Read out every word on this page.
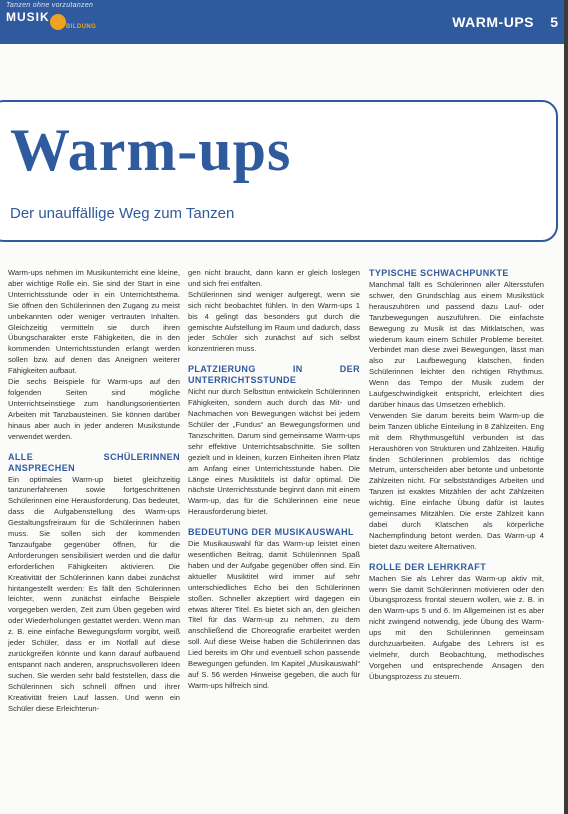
Tanzen ohne vorzutanzen
MUSIK
BILDUNG	WARM-UPS 5
Warm-ups
Der unauffällige Weg zum Tanzen

Warm-ups nehmen im Musikunterricht eine kleine, aber wichtige Rolle ein. Sie sind der Start in eine Unterrichtsstunde oder in ein Unterrichtsthema. Sie öffnen den Schülerinnen den Zugang zu meist unbekannten oder weniger vertrauten Inhalten. Gleichzeitig vermitteln sie durch ihren Übungscharakter erste Fähigkeiten, die in den kommenden Unterrichtsstunden erlangt werden sollen bzw. auf denen das Aneignen weiterer Fähigkeiten aufbaut.

Die sechs Beispiele für Warm-ups auf den folgenden Seiten sind mögliche Unterrichtseinstiege zum handlungsorientierten Arbeiten mit Tanzbausteinen. Sie können darüber hinaus aber auch in jeder anderen Musikstunde verwendet werden.

ALLE SCHÜLERINNEN ANSPRECHEN

Ein optimales Warm-up bietet gleichzeitig tanzunerfahrenen sowie fortgeschrittenen Schülerinnen eine Herausforderung. Das bedeutet, dass die Aufgabenstellung des Warm-ups Gestaltungsfreiraum für die Schülerinnen haben muss. Sie sollen sich der kommenden Tanzaufgabe gegenüber öffnen, für die Anforderungen sensibilisiert werden und die dafür erforderlichen Fähigkeiten aktivieren. Die Kreativität der Schülerinnen kann dabei zunächst hintangestellt werden: Es fällt den Schülerinnen leichter, wenn zunächst einfache Beispiele vorgegeben werden, Zeit zum Üben gegeben wird oder Wiederholungen gestattet werden. Wenn man z. B. eine einfache Bewegungsform vorgibt, weiß jeder Schüler, dass er im Notfall auf diese zurückgreifen könnte und kann darauf aufbauend entspannt nach anderen, anspruchsvolleren Ideen suchen. Sie werden sehr bald feststellen, dass die Schülerinnen sich schnell öffnen und ihrer Kreativität freien Lauf lassen. Und wenn ein Schüler diese Erleichterun-

gen nicht braucht, dann kann er gleich loslegen und sich frei entfalten.

Schülerinnen sind weniger aufgeregt, wenn sie sich nicht beobachtet fühlen. In den Warm-ups 1 bis 4 gelingt das besonders gut durch die gemischte Aufstellung im Raum und dadurch, dass jeder Schüler sich zunächst auf sich selbst konzentrieren muss.

PLATZIERUNG IN DER UNTERRICHTSSTUNDE

Nicht nur durch Selbsttun entwickeln Schülerinnen Fähigkeiten, sondern auch durch das Mit- und Nachmachen von Bewegungen wächst bei jedem Schüler der „Fundus“ an Bewegungsformen und Tanzschritten. Darum sind gemeinsame Warm-ups sehr effektive Unterrichtsabschnitte. Sie sollten gezielt und in kleinen, kurzen Einheiten ihren Platz am Anfang einer Unterrichtsstunde haben. Die Länge eines Musiktitels ist dafür optimal. Die nächste Unterrichtsstunde beginnt dann mit einem Warm-up, das für die Schülerinnen eine neue Herausforderung bietet.

BEDEUTUNG DER MUSIKAUSWAHL

Die Musikauswahl für das Warm-up leistet einen wesentlichen Beitrag, damit Schülerinnen Spaß haben und der Aufgabe gegenüber offen sind. Ein aktueller Musiktitel wird immer auf sehr unterschiedliches Echo bei den Schülerinnen stoßen. Schneller akzeptiert wird dagegen ein etwas älterer Titel. Es bietet sich an, den gleichen Titel für das Warm-up zu nehmen, zu dem anschließend die Choreografie erarbeitet werden soll. Auf diese Weise haben die Schülerinnen das Lied bereits im Ohr und eventuell schon passende Bewegungen gefunden. Im Kapitel „Musikauswahl“ auf S. 56 werden Hinweise gegeben, die auch für Warm-ups hilfreich sind.

TYPISCHE SCHWACHPUNKTE

Manchmal fällt es Schülerinnen aller Altersstufen schwer, den Grundschlag aus einem Musikstück herauszuhören und passend dazu Lauf- oder Tanzbewegungen auszuführen. Die einfachste Bewegung zu Musik ist das Mitklatschen, was wiederum kaum einem Schüler Probleme bereitet. Verbindet man diese zwei Bewegungen, lässt man also zur Laufbewegung klatschen, finden Schülerinnen leichter den richtigen Rhythmus. Wenn das Tempo der Musik zudem der Laufgeschwindigkeit entspricht, erleichtert dies darüber hinaus das Umsetzen erheblich.

Verwenden Sie darum bereits beim Warm-up die beim Tanzen übliche Einteilung in 8 Zählzeiten. Eng mit dem Rhythmusgefühl verbunden ist das Heraushören von Strukturen und Zählzeiten. Häufig finden Schülerinnen problemlos das richtige Metrum, unterscheiden aber betonte und unbetonte Zählzeiten nicht. Für selbstständiges Arbeiten und Tanzen ist exaktes Mitzählen der acht Zählzeiten wichtig. Eine einfache Übung dafür ist lautes gemeinsames Mitzählen. Die erste Zählzeit kann dabei durch Klatschen als körperliche Nachempfindung betont werden. Das Warm-up 4 bietet dazu weitere Alternativen.

ROLLE DER LEHRKRAFT

Machen Sie als Lehrer das Warm-up aktiv mit, wenn Sie damit Schülerinnen motivieren oder den Übungsprozess frontal steuern wollen, wie z. B. in den Warm-ups 5 und 6. Im Allgemeinen ist es aber nicht zwingend notwendig, jede Übung des Warm-ups mit den Schülerinnen gemeinsam durchzuarbeiten. Aufgabe des Lehrers ist es vielmehr, durch Beobachtung, methodisches Vorgehen und entsprechende Ansagen den Übungsprozess zu steuern.
